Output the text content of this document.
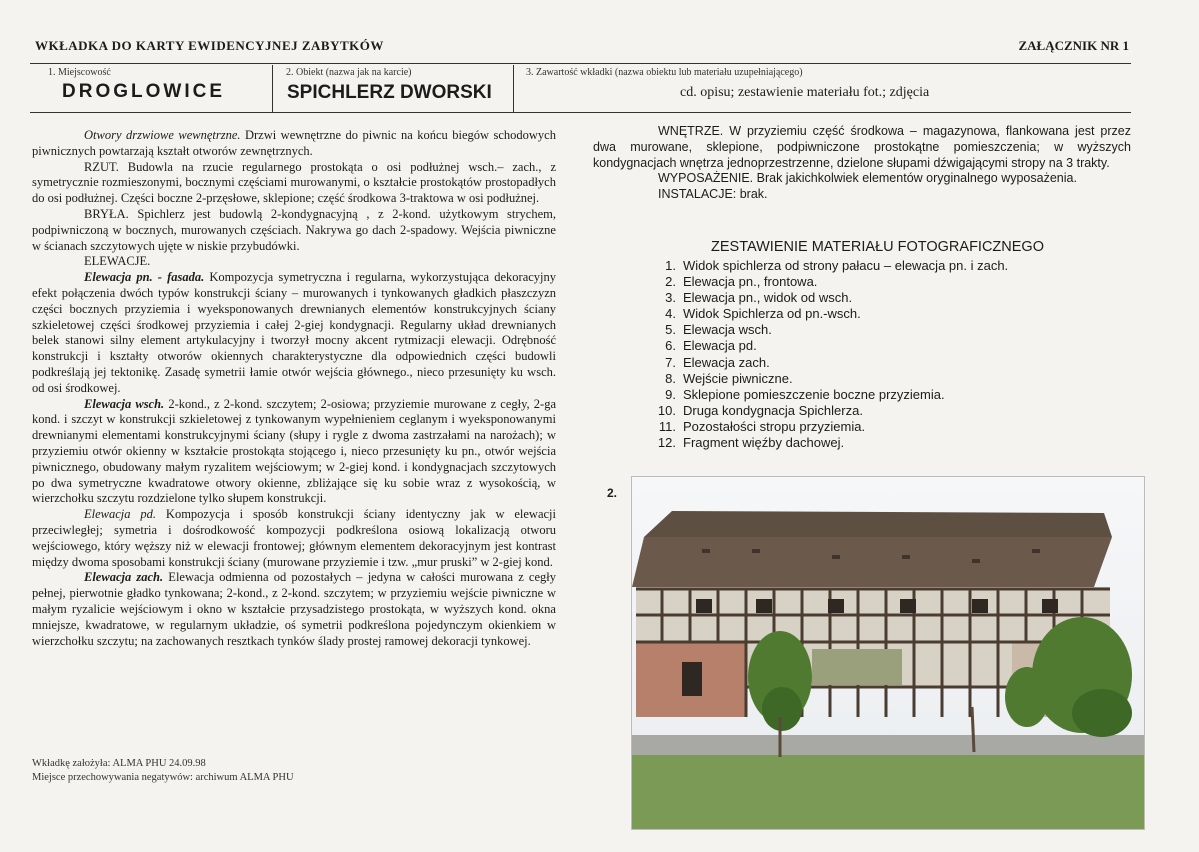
WKŁADKA DO KARTY EWIDENCYJNEJ ZABYTKÓW	ZAŁĄCZNIK NR 1
1. Miejscowość
DROGLOWICE
2. Obiekt (nazwa jak na karcie)
SPICHLERZ DWORSKI
3. Zawartość wkładki (nazwa obiektu lub materiału uzupełniającego)
cd. opisu; zestawienie materiału fot.; zdjęcia

Otwory drzwiowe wewnętrzne. Drzwi wewnętrzne do piwnic na końcu biegów schodowych piwnicznych powtarzają kształt otworów zewnętrznych.

RZUT. Budowla na rzucie regularnego prostokąta o osi podłużnej wsch.– zach., z symetrycznie rozmieszonymi, bocznymi częściami murowanymi, o kształcie prostokątów prostopadłych do osi podłużnej. Części boczne 2-przęsłowe, sklepione; część środkowa 3-traktowa w osi podłużnej.

BRYŁA. Spichlerz jest budowlą 2-kondygnacyjną , z 2-kond. użytkowym strychem, podpiwniczoną w bocznych, murowanych częściach. Nakrywa go dach 2-spadowy. Wejścia piwniczne w ścianach szczytowych ujęte w niskie przybudówki.

ELEWACJE.

Elewacja pn. - fasada. Kompozycja symetryczna i regularna, wykorzystująca dekoracyjny efekt połączenia dwóch typów konstrukcji ściany – murowanych i tynkowanych gładkich płaszczyzn części bocznych przyziemia i wyeksponowanych drewnianych elementów konstrukcyjnych ściany szkieletowej części środkowej przyziemia i całej 2-giej kondygnacji. Regularny układ drewnianych belek stanowi silny element artykulacyjny i tworzył mocny akcent rytmizacji elewacji. Odrębność konstrukcji i kształty otworów okiennych charakterystyczne dla odpowiednich części budowli podkreślają jej tektonikę. Zasadę symetrii łamie otwór wejścia głównego., nieco przesunięty ku wsch. od osi środkowej.

Elewacja wsch. 2-kond., z 2-kond. szczytem; 2-osiowa; przyziemie murowane z cegły, 2-ga kond. i szczyt w konstrukcji szkieletowej z tynkowanym wypełnieniem ceglanym i wyeksponowanymi drewnianymi elementami konstrukcyjnymi ściany (słupy i rygle z dwoma zastrzałami na narożach); w przyziemiu otwór okienny w kształcie prostokąta stojącego i, nieco przesunięty ku pn., otwór wejścia piwnicznego, obudowany małym ryzalitem wejściowym; w 2-giej kond. i kondygnacjach szczytowych po dwa symetryczne kwadratowe otwory okienne, zbliżające się ku sobie wraz z wysokością, w wierzchołku szczytu rozdzielone tylko słupem konstrukcji.

Elewacja pd. Kompozycja i sposób konstrukcji ściany identyczny jak w elewacji przeciwległej; symetria i dośrodkowość kompozycji podkreślona osiową lokalizacją otworu wejściowego, który węższy niż w elewacji frontowej; głównym elementem dekoracyjnym jest kontrast między dwoma sposobami konstrukcji ściany (murowane przyziemie i tzw. „mur pruski” w 2-giej kond.

Elewacja zach. Elewacja odmienna od pozostałych – jedyna w całości murowana z cegły pełnej, pierwotnie gładko tynkowana; 2-kond., z 2-kond. szczytem; w przyziemiu wejście piwniczne w małym ryzalicie wejściowym i okno w kształcie przysadzistego prostokąta, w wyższych kond. okna mniejsze, kwadratowe, w regularnym układzie, oś symetrii podkreślona pojedynczym okienkiem w wierzchołku szczytu; na zachowanych resztkach tynków ślady prostej ramowej dekoracji tynkowej.

WNĘTRZE. W przyziemiu część środkowa – magazynowa, flankowana jest przez dwa murowane, sklepione, podpiwniczone prostokątne pomieszczenia; w wyższych kondygnacjach wnętrza jednoprzestrzenne, dzielone słupami dźwigającymi stropy na 3 trakty.

WYPOSAŻENIE. Brak jakichkolwiek elementów oryginalnego wyposażenia.

INSTALACJE: brak.

ZESTAWIENIE MATERIAŁU FOTOGRAFICZNEGO
1. Widok spichlerza od strony pałacu – elewacja pn. i zach.
2. Elewacja pn., frontowa.
3. Elewacja pn., widok od wsch.
4. Widok Spichlerza od pn.-wsch.
5. Elewacja wsch.
6. Elewacja pd.
7. Elewacja zach.
8. Wejście piwniczne.
9. Sklepione pomieszczenie boczne przyziemia.
10. Druga kondygnacja Spichlerza.
11. Pozostałości stropu przyziemia.
12. Fragment więźby dachowej.
2.
Wkładkę założyła: ALMA PHU 24.09.98
Miejsce przechowywania negatywów: archiwum ALMA PHU
